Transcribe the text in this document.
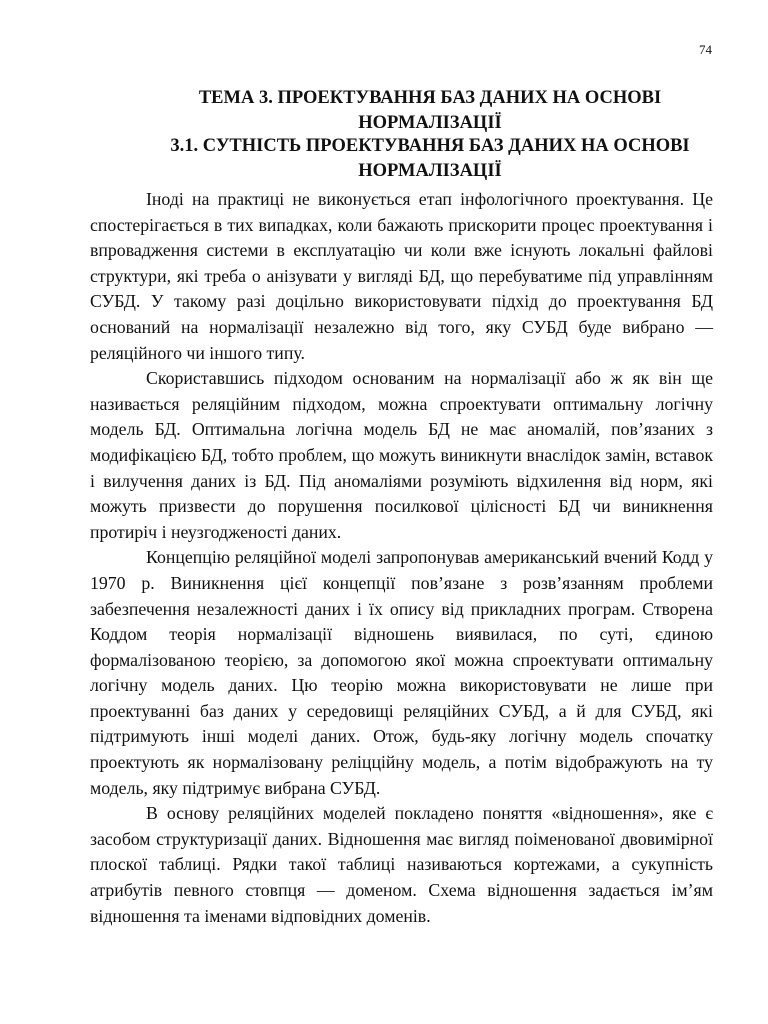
74
ТЕМА 3. ПРОЕКТУВАННЯ БАЗ ДАНИХ НА ОСНОВІ НОРМАЛІЗАЦІЇ
3.1. СУТНІСТЬ ПРОЕКТУВАННЯ БАЗ ДАНИХ НА ОСНОВІ НОРМАЛІЗАЦІЇ

Іноді на практиці не виконується етап інфологічного проектування. Це спостерігається в тих випадках, коли бажають прискорити процес проектування і впровадження системи в експлуатацію чи коли вже існують локальні файлові структури, які треба о анізувати у вигляді БД, що перебуватиме під управлінням СУБД. У такому разі доцільно використовувати підхід до проектування БД оснований на нормалізації незалежно від того, яку СУБД буде вибрано — реляційного чи іншого типу.

Скориставшись підходом основаним на нормалізації або ж як він ще називається реляційним підходом, можна спроектувати оптимальну логічну модель БД. Оптимальна логічна модель БД не має аномалій, пов’язаних з модифікацією БД, тобто проблем, що можуть виникнути внаслідок замін, вставок і вилучення даних із БД. Під аномаліями розуміють відхилення від норм, які можуть призвести до порушення посилкової цілісності БД чи виникнення протиріч і неузгодженості даних.

Концепцію реляційної моделі запропонував американський вчений Кодд у 1970 р. Виникнення цієї концепції пов’язане з розв’язанням проблеми забезпечення незалежності даних і їх опису від прикладних програм. Створена Коддом теорія нормалізації відношень виявилася, по суті, єдиною формалізованою теорією, за допомогою якої можна спроектувати оптимальну логічну модель даних. Цю теорію можна використовувати не лише при проектуванні баз даних у середовищі реляційних СУБД, а й для СУБД, які підтримують інші моделі даних. Отож, будь-яку логічну модель спочатку проектують як нормалізовану реліцційну модель, а потім відображують на ту модель, яку підтримує вибрана СУБД.

В основу реляційних моделей покладено поняття «відношення», яке є засобом структуризації даних. Відношення має вигляд поіменованої двовимірної плоскої таблиці. Рядки такої таблиці називаються кортежами, а сукупність атрибутів певного стовпця — доменом. Схема відношення задається ім’ям відношення та іменами відповідних доменів.
